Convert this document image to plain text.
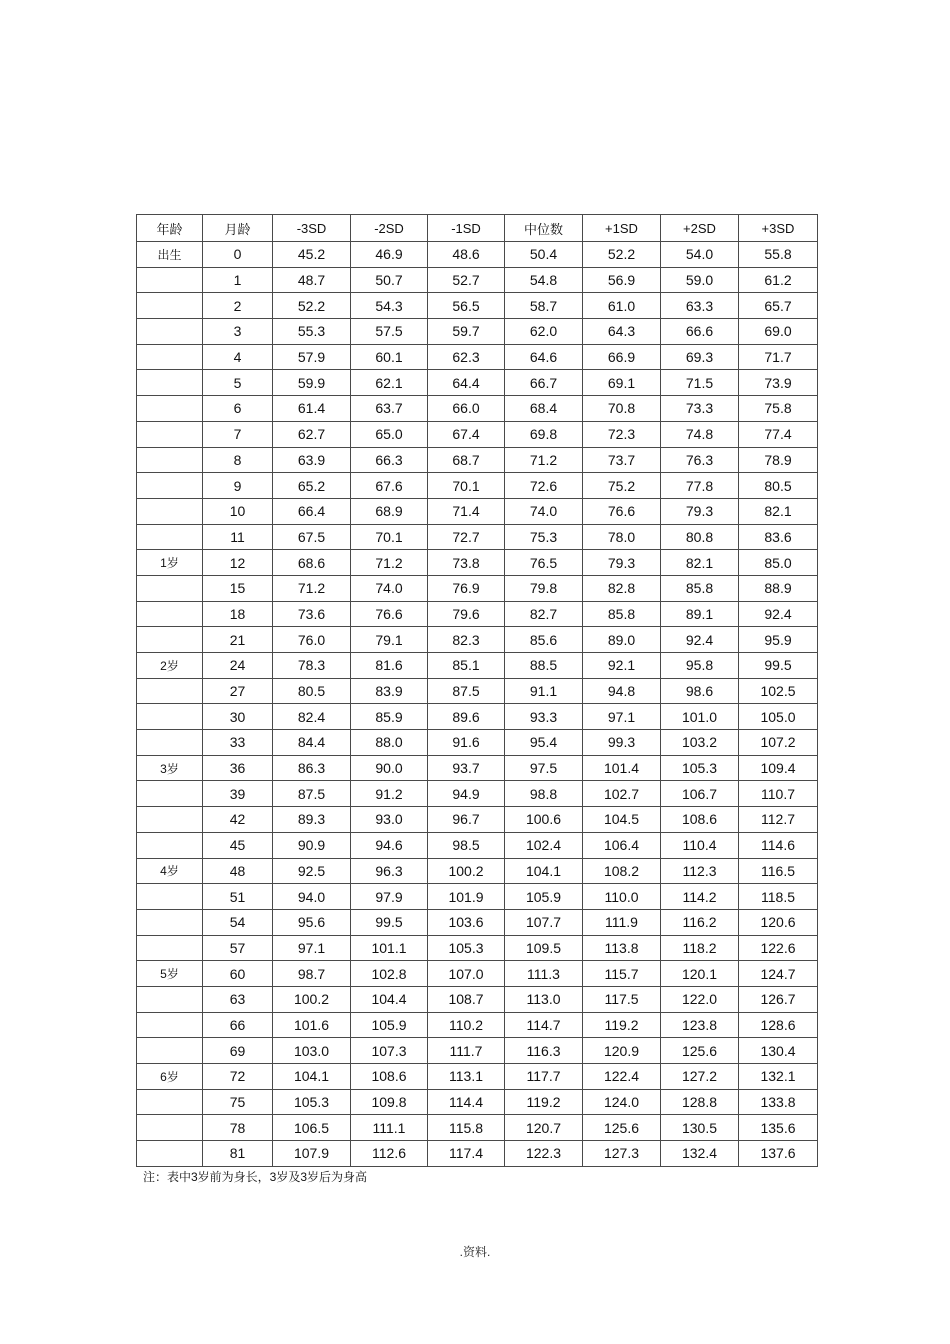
年龄	月龄	-3SD	-2SD	-1SD	中位数	+1SD	+2SD	+3SD
出生	0	45.2	46.9	48.6	50.4	52.2	54.0	55.8
	1	48.7	50.7	52.7	54.8	56.9	59.0	61.2
	2	52.2	54.3	56.5	58.7	61.0	63.3	65.7
	3	55.3	57.5	59.7	62.0	64.3	66.6	69.0
	4	57.9	60.1	62.3	64.6	66.9	69.3	71.7
	5	59.9	62.1	64.4	66.7	69.1	71.5	73.9
	6	61.4	63.7	66.0	68.4	70.8	73.3	75.8
	7	62.7	65.0	67.4	69.8	72.3	74.8	77.4
	8	63.9	66.3	68.7	71.2	73.7	76.3	78.9
	9	65.2	67.6	70.1	72.6	75.2	77.8	80.5
	10	66.4	68.9	71.4	74.0	76.6	79.3	82.1
	11	67.5	70.1	72.7	75.3	78.0	80.8	83.6
1岁	12	68.6	71.2	73.8	76.5	79.3	82.1	85.0
	15	71.2	74.0	76.9	79.8	82.8	85.8	88.9
	18	73.6	76.6	79.6	82.7	85.8	89.1	92.4
	21	76.0	79.1	82.3	85.6	89.0	92.4	95.9
2岁	24	78.3	81.6	85.1	88.5	92.1	95.8	99.5
	27	80.5	83.9	87.5	91.1	94.8	98.6	102.5
	30	82.4	85.9	89.6	93.3	97.1	101.0	105.0
	33	84.4	88.0	91.6	95.4	99.3	103.2	107.2
3岁	36	86.3	90.0	93.7	97.5	101.4	105.3	109.4
	39	87.5	91.2	94.9	98.8	102.7	106.7	110.7
	42	89.3	93.0	96.7	100.6	104.5	108.6	112.7
	45	90.9	94.6	98.5	102.4	106.4	110.4	114.6
4岁	48	92.5	96.3	100.2	104.1	108.2	112.3	116.5
	51	94.0	97.9	101.9	105.9	110.0	114.2	118.5
	54	95.6	99.5	103.6	107.7	111.9	116.2	120.6
	57	97.1	101.1	105.3	109.5	113.8	118.2	122.6
5岁	60	98.7	102.8	107.0	111.3	115.7	120.1	124.7
	63	100.2	104.4	108.7	113.0	117.5	122.0	126.7
	66	101.6	105.9	110.2	114.7	119.2	123.8	128.6
	69	103.0	107.3	111.7	116.3	120.9	125.6	130.4
6岁	72	104.1	108.6	113.1	117.7	122.4	127.2	132.1
	75	105.3	109.8	114.4	119.2	124.0	128.8	133.8
	78	106.5	111.1	115.8	120.7	125.6	130.5	135.6
	81	107.9	112.6	117.4	122.3	127.3	132.4	137.6
注：表中3岁前为身长，3岁及3岁后为身高
.资料.
